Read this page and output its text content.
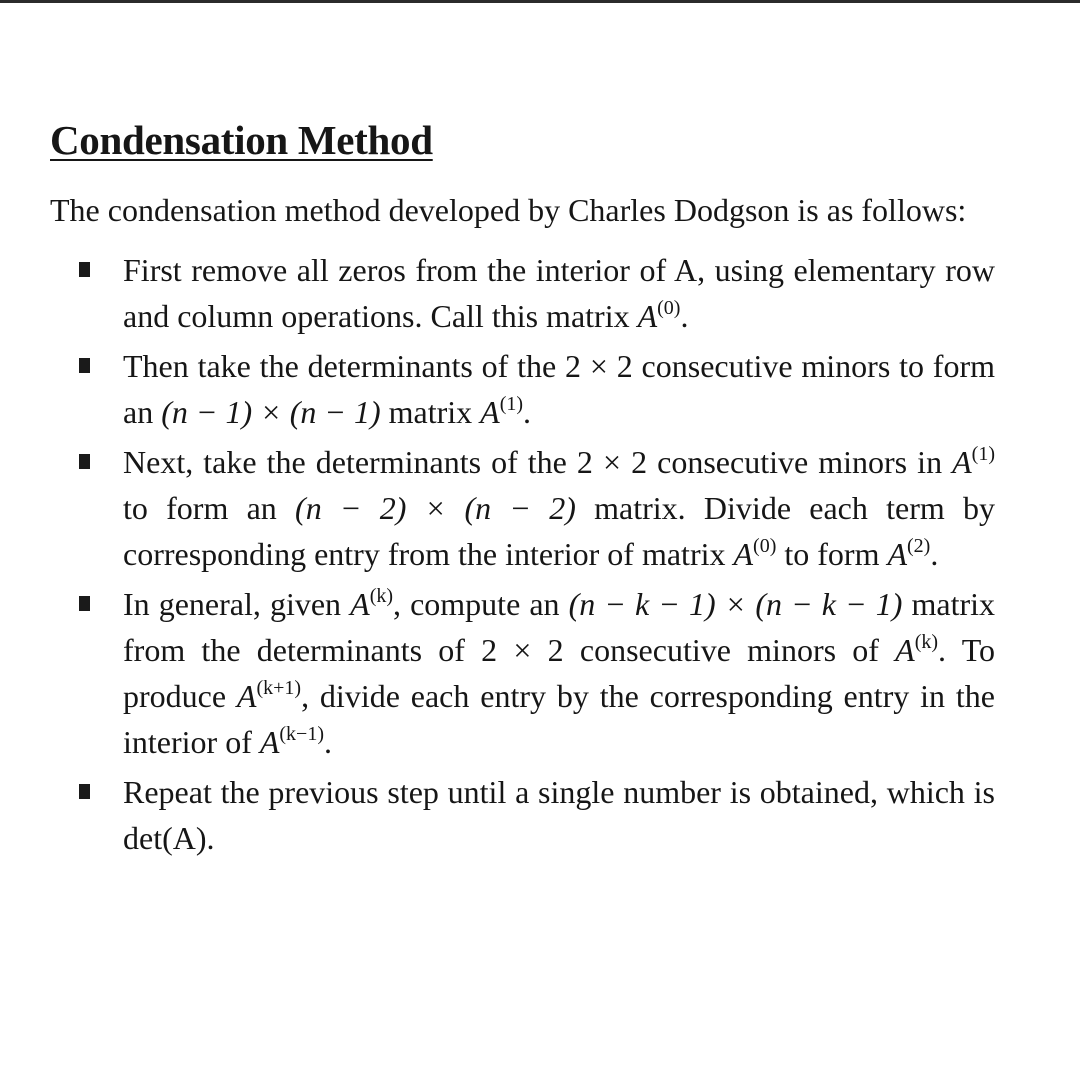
Condensation Method

The condensation method developed by Charles Dodgson is as follows:

First remove all zeros from the interior of A, using elementary row and column operations. Call this matrix $A^{(0)}$.
Then take the determinants of the 2 × 2 consecutive minors to form an (n − 1) × (n − 1) matrix $A^{(1)}$.
Next, take the determinants of the 2 × 2 consecutive minors in $A^{(1)}$ to form an (n − 2) × (n − 2) matrix. Divide each term by corresponding entry from the interior of matrix $A^{(0)}$ to form $A^{(2)}$.
In general, given $A^{(k)}$, compute an (n − k − 1) × (n − k − 1) matrix from the determinants of 2 × 2 consecutive minors of $A^{(k)}$. To produce $A^{(k+1)}$, divide each entry by the corresponding entry in the interior of $A^{(k-1)}$.
Repeat the previous step until a single number is obtained, which is det(A).
